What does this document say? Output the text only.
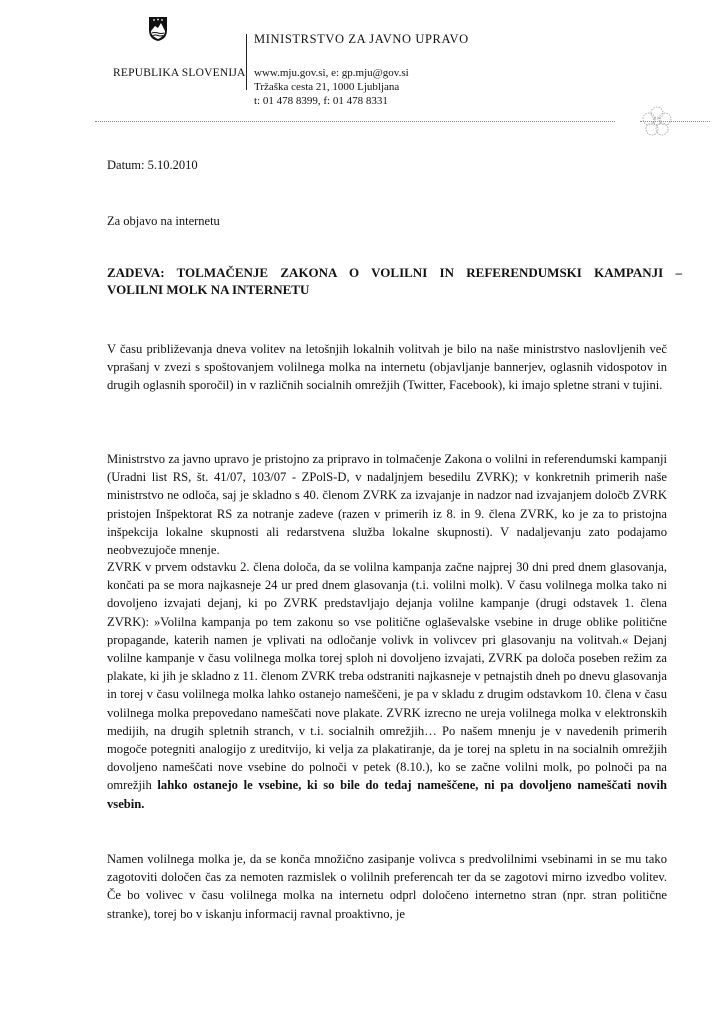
REPUBLIKA SLOVENIJA
MINISTRSTVO ZA JAVNO UPRAVO
www.mju.gov.si, e: gp.mju@gov.si
Tržaška cesta 21, 1000 Ljubljana
t: 01 478 8399, f: 01 478 8331
Datum: 5.10.2010
Za objavo na internetu
ZADEVA: TOLMAČENJE ZAKONA O VOLILNI IN REFERENDUMSKI KAMPANJI –
VOLILNI MOLK NA INTERNETU
V času približevanja dneva volitev na letošnjih lokalnih volitvah je bilo na naše ministrstvo naslovljenih več vprašanj v zvezi s spoštovanjem volilnega molka na internetu (objavljanje bannerjev, oglasnih vidospotov in drugih oglasnih sporočil) in v različnih socialnih omrežjih (Twitter, Facebook), ki imajo spletne strani v tujini.
Ministrstvo za javno upravo je pristojno za pripravo in tolmačenje Zakona o volilni in referendumski kampanji (Uradni list RS, št. 41/07, 103/07 - ZPolS-D, v nadaljnjem besedilu ZVRK); v konkretnih primerih naše ministrstvo ne odloča, saj je skladno s 40. členom ZVRK za izvajanje in nadzor nad izvajanjem določb ZVRK pristojen Inšpektorat RS za notranje zadeve (razen v primerih iz 8. in 9. člena ZVRK, ko je za to pristojna inšpekcija lokalne skupnosti ali redarstvena služba lokalne skupnosti). V nadaljevanju zato podajamo neobvezujoče mnenje.
ZVRK v prvem odstavku 2. člena določa, da se volilna kampanja začne najprej 30 dni pred dnem glasovanja, končati pa se mora najkasneje 24 ur pred dnem glasovanja (t.i. volilni molk). V času volilnega molka tako ni dovoljeno izvajati dejanj, ki po ZVRK predstavljajo dejanja volilne kampanje (drugi odstavek 1. člena ZVRK): »Volilna kampanja po tem zakonu so vse politične oglaševalske vsebine in druge oblike politične propagande, katerih namen je vplivati na odločanje volivk in volivcev pri glasovanju na volitvah.« Dejanj volilne kampanje v času volilnega molka torej sploh ni dovoljeno izvajati, ZVRK pa določa poseben režim za plakate, ki jih je skladno z 11. členom ZVRK treba odstraniti najkasneje v petnajstih dneh po dnevu glasovanja in torej v času volilnega molka lahko ostanejo nameščeni, je pa v skladu z drugim odstavkom 10. člena v času volilnega molka prepovedano nameščati nove plakate. ZVRK izrecno ne ureja volilnega molka v elektronskih medijih, na drugih spletnih stranch, v t.i. socialnih omrežjih… Po našem mnenju je v navedenih primerih mogoče potegniti analogijo z ureditvijo, ki velja za plakatiranje, da je torej na spletu in na socialnih omrežjih dovoljeno nameščati nove vsebine do polnoči v petek (8.10.), ko se začne volilni molk, po polnoči pa na omrežjih lahko ostanejo le vsebine, ki so bile do tedaj nameščene, ni pa dovoljeno nameščati novih vsebin.
Namen volilnega molka je, da se konča množično zasipanje volivca s predvolilnimi vsebinami in se mu tako zagotoviti določen čas za nemoten razmislek o volilnih preferencah ter da se zagotovi mirno izvedbo volitev. Če bo volivec v času volilnega molka na internetu odprl določeno internetno stran (npr. stran politične stranke), torej bo v iskanju informacij ravnal proaktivno, je
